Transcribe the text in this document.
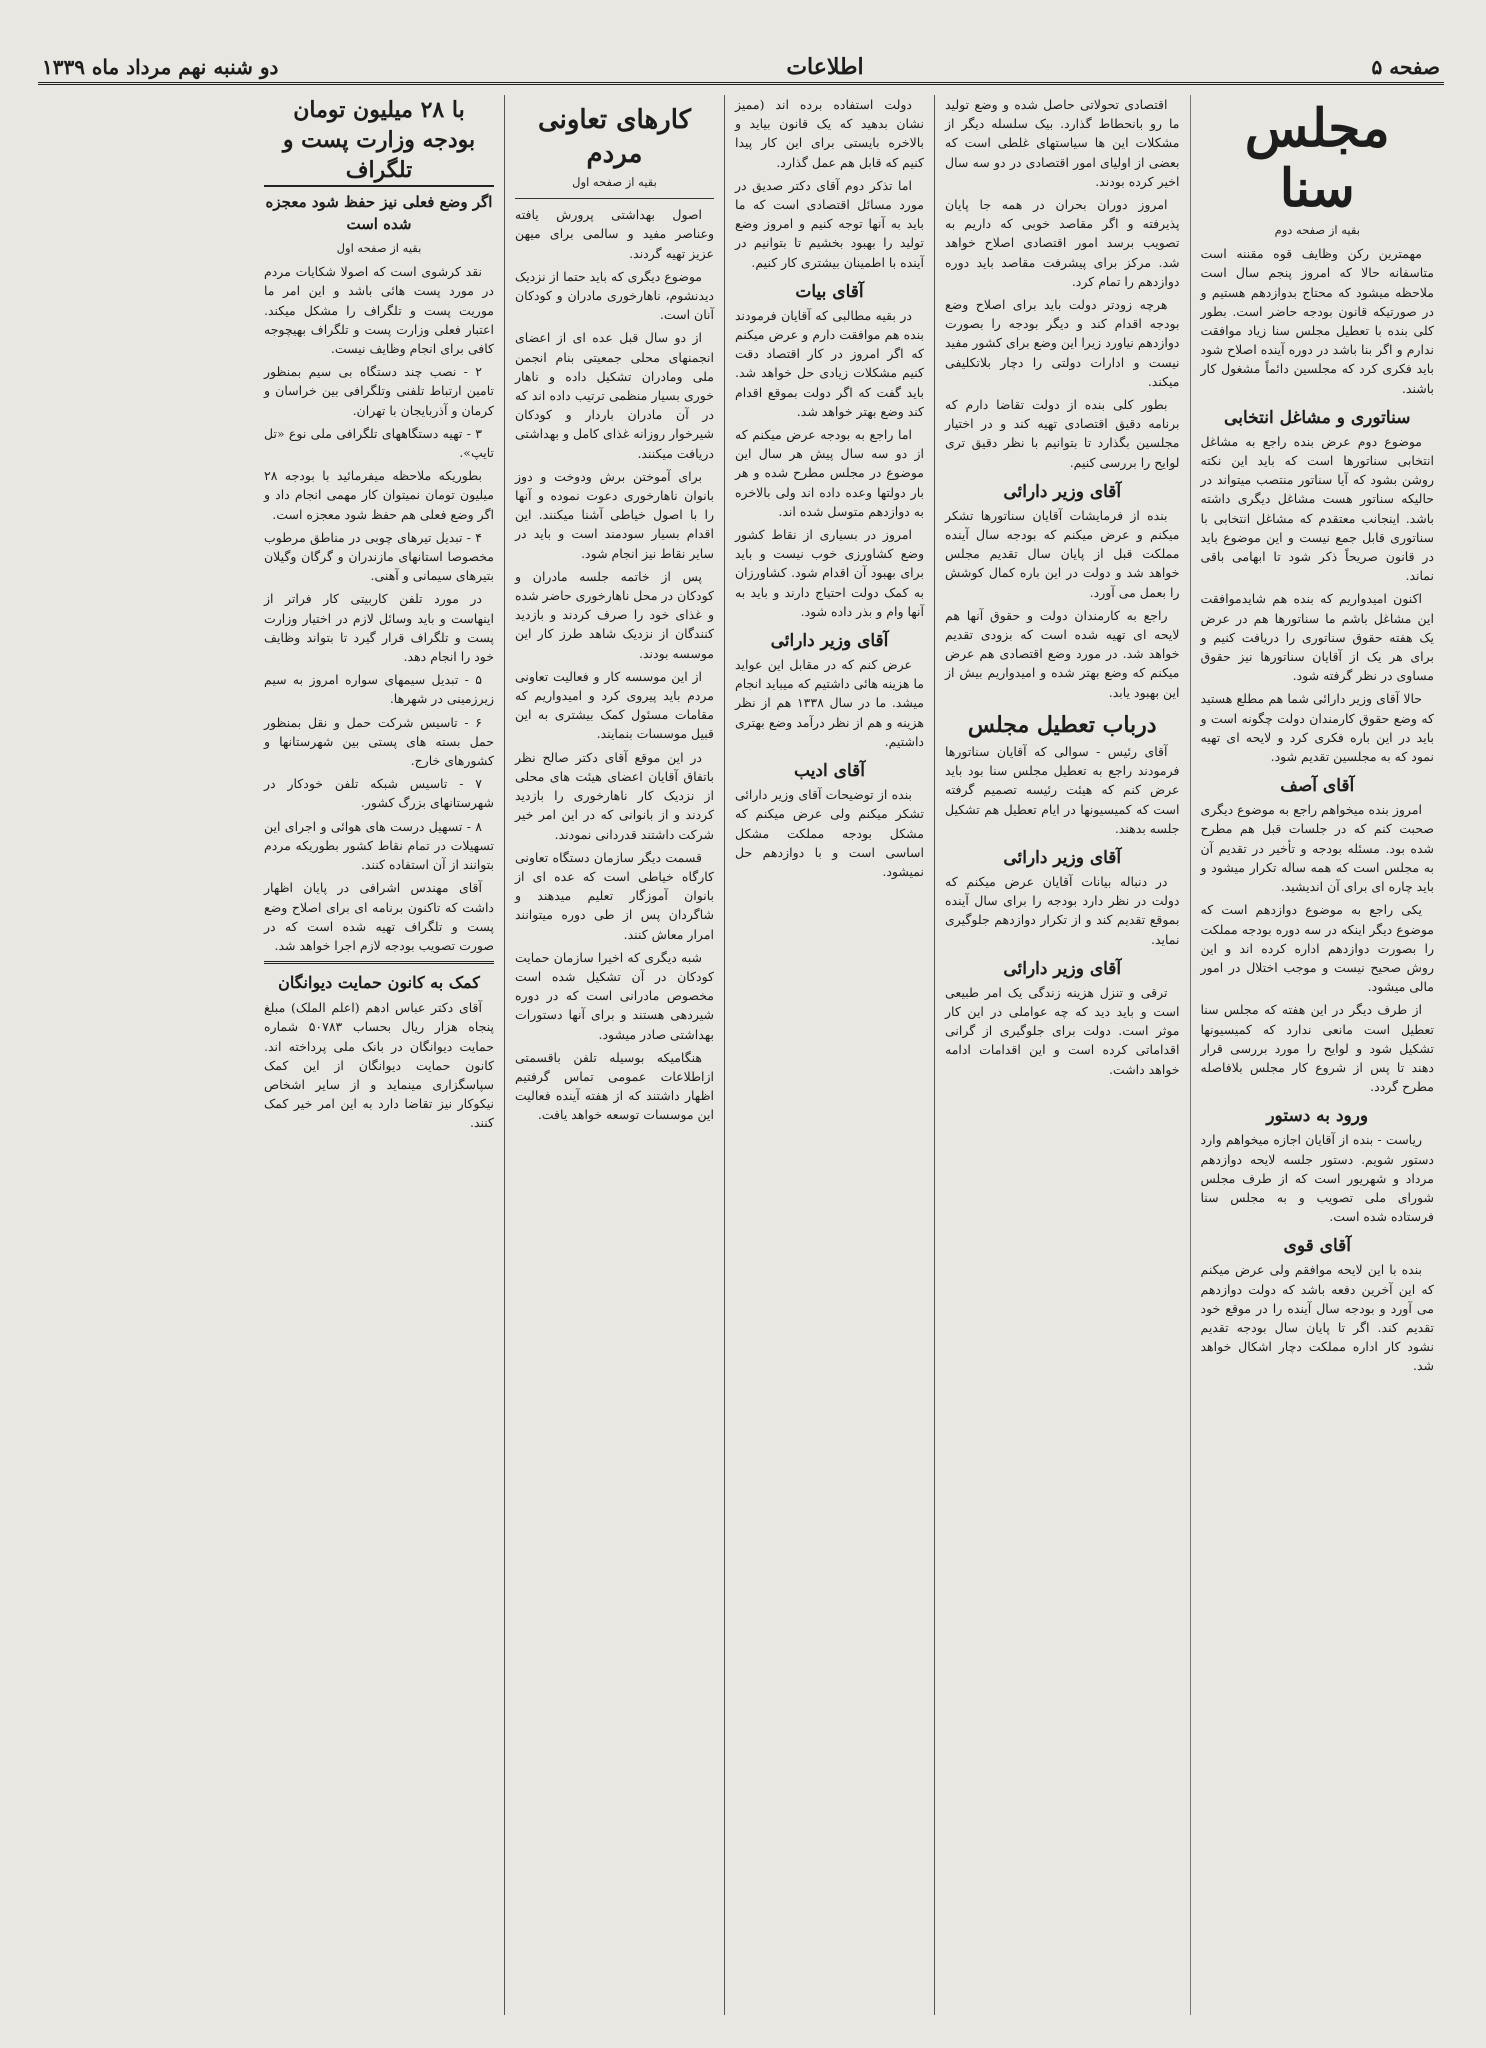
صفحه ۵
اطلاعات
دو شنبه نهم مرداد ماه ۱۳۳۹
مجلس سنا
بقیه از صفحه دوم

مهمترین رکن وظایف قوه مقننه است متاسفانه حالا که امروز پنجم سال است ملاحظه میشود که محتاج بدوازدهم هستیم و در صورتیکه قانون بودجه حاضر است. بطور کلی بنده با تعطیل مجلس سنا زیاد موافقت ندارم و اگر بنا باشد در دوره آینده اصلاح شود باید فکری کرد که مجلسین دائماً مشغول کار باشند.

سناتوری و مشاغل انتخابی

موضوع دوم عرض بنده راجع به مشاغل انتخابی سناتورها است که باید این نکته روشن بشود که آیا سناتور منتصب میتواند در حالیکه سناتور هست مشاغل دیگری داشته باشد. اینجانب معتقدم که مشاغل انتخابی با سناتوری قابل جمع نیست و این موضوع باید در قانون صریحاً ذکر شود تا ابهامی باقی نماند.

اکنون امیدواریم که بنده هم شایدموافقت این مشاغل باشم ما سناتورها هم در عرض یک هفته حقوق سناتوری را دریافت کنیم و برای هر یک از آقایان سناتورها نیز حقوق مساوی در نظر گرفته شود.

حالا آقای وزیر دارائی شما هم مطلع هستید که وضع حقوق کارمندان دولت چگونه است و باید در این باره فکری کرد و لایحه ای تهیه نمود که به مجلسین تقدیم شود.

آقای آصف

امروز بنده میخواهم راجع به موضوع دیگری صحبت کنم که در جلسات قبل هم مطرح شده بود. مسئله بودجه و تأخیر در تقدیم آن به مجلس است که همه ساله تکرار میشود و باید چاره ای برای آن اندیشید.

یکی راجع به موضوع دوازدهم است که موضوع دیگر اینکه در سه دوره بودجه مملکت را بصورت دوازدهم اداره کرده اند و این روش صحیح نیست و موجب اختلال در امور مالی میشود.

از طرف دیگر در این هفته که مجلس سنا تعطیل است مانعی ندارد که کمیسیونها تشکیل شود و لوایح را مورد بررسی قرار دهند تا پس از شروع کار مجلس بلافاصله مطرح گردد.

ورود به دستور

ریاست - بنده از آقایان اجازه میخواهم وارد دستور شویم. دستور جلسه لایحه دوازدهم مرداد و شهریور است که از طرف مجلس شورای ملی تصویب و به مجلس سنا فرستاده شده است.

آقای قوی

بنده با این لایحه موافقم ولی عرض میکنم که این آخرین دفعه باشد که دولت دوازدهم می آورد و بودجه سال آینده را در موقع خود تقدیم کند. اگر تا پایان سال بودجه تقدیم نشود کار اداره مملکت دچار اشکال خواهد شد.

اقتصادی تحولاتی حاصل شده و وضع تولید ما رو بانحطاط گذارد. بیک سلسله دیگر از مشکلات این ها سیاستهای غلطی است که بعضی از اولیای امور اقتصادی در دو سه سال اخیر کرده بودند.

امروز دوران بحران در همه جا پایان پذیرفته و اگر مقاصد خوبی که داریم به تصویب برسد امور اقتصادی اصلاح خواهد شد. مرکز برای پیشرفت مقاصد باید دوره دوازدهم را تمام کرد.

هرچه زودتر دولت باید برای اصلاح وضع بودجه اقدام کند و دیگر بودجه را بصورت دوازدهم نیاورد زیرا این وضع برای کشور مفید نیست و ادارات دولتی را دچار بلاتکلیفی میکند.

بطور کلی بنده از دولت تقاضا دارم که برنامه دقیق اقتصادی تهیه کند و در اختیار مجلسین بگذارد تا بتوانیم با نظر دقیق تری لوایح را بررسی کنیم.

آقای وزیر دارائی

بنده از فرمایشات آقایان سناتورها تشکر میکنم و عرض میکنم که بودجه سال آینده مملکت قبل از پایان سال تقدیم مجلس خواهد شد و دولت در این باره کمال کوشش را بعمل می آورد.

راجع به کارمندان دولت و حقوق آنها هم لایحه ای تهیه شده است که بزودی تقدیم خواهد شد. در مورد وضع اقتصادی هم عرض میکنم که وضع بهتر شده و امیدواریم بیش از این بهبود یابد.

درباب تعطیل مجلس

آقای رئیس - سوالی که آقایان سناتورها فرمودند راجع به تعطیل مجلس سنا بود باید عرض کنم که هیئت رئیسه تصمیم گرفته است که کمیسیونها در ایام تعطیل هم تشکیل جلسه بدهند.

آقای وزیر دارائی

در دنباله بیانات آقایان عرض میکنم که دولت در نظر دارد بودجه را برای سال آینده بموقع تقدیم کند و از تکرار دوازدهم جلوگیری نماید.

آقای وزیر دارائی

ترقی و تنزل هزینه زندگی یک امر طبیعی است و باید دید که چه عواملی در این کار موثر است. دولت برای جلوگیری از گرانی اقداماتی کرده است و این اقدامات ادامه خواهد داشت.

دولت استفاده برده اند (ممیز نشان بدهید که یک قانون بیاید و بالاخره بایستی برای این کار پیدا کنیم که قابل هم عمل گذارد.

اما تذکر دوم آقای دکتر صدیق در مورد مسائل اقتصادی است که ما باید به آنها توجه کنیم و امروز وضع تولید را بهبود بخشیم تا بتوانیم در آینده با اطمینان بیشتری کار کنیم.

آقای بیات

در بقیه مطالبی که آقایان فرمودند بنده هم موافقت دارم و عرض میکنم که اگر امروز در کار اقتصاد دقت کنیم مشکلات زیادی حل خواهد شد. باید گفت که اگر دولت بموقع اقدام کند وضع بهتر خواهد شد.

اما راجع به بودجه عرض میکنم که از دو سه سال پیش هر سال این موضوع در مجلس مطرح شده و هر بار دولتها وعده داده اند ولی بالاخره به دوازدهم متوسل شده اند.

امروز در بسیاری از نقاط کشور وضع کشاورزی خوب نیست و باید برای بهبود آن اقدام شود. کشاورزان به کمک دولت احتیاج دارند و باید به آنها وام و بذر داده شود.

آقای وزیر دارائی

عرض کنم که در مقابل این عواید ما هزینه هائی داشتیم که میباید انجام میشد. ما در سال ۱۳۳۸ هم از نظر هزینه و هم از نظر درآمد وضع بهتری داشتیم.

آقای ادیب

بنده از توضیحات آقای وزیر دارائی تشکر میکنم ولی عرض میکنم که مشکل بودجه مملکت مشکل اساسی است و با دوازدهم حل نمیشود.

کارهای تعاونی مردم
بقیه از صفحه اول

اصول بهداشتی پرورش یافته وعناصر مفید و سالمی برای میهن عزیز تهیه گردند.

موضوع دیگری که باید حتما از نزدیک دیدنشوم، ناهارخوری مادران و کودکان آنان است.

از دو سال قبل عده ای از اعضای انجمنهای محلی جمعیتی بنام انجمن ملی ومادران تشکیل داده و ناهار خوری بسیار منظمی ترتیب داده اند که در آن مادران باردار و کودکان شیرخوار روزانه غذای کامل و بهداشتی دریافت میکنند.

برای آموختن برش ودوخت و دوز بانوان ناهارخوری دعوت نموده و آنها را با اصول خیاطی آشنا میکنند. این اقدام بسیار سودمند است و باید در سایر نقاط نیز انجام شود.

پس از خاتمه جلسه مادران و کودکان در محل ناهارخوری حاضر شده و غذای خود را صرف کردند و بازدید کنندگان از نزدیک شاهد طرز کار این موسسه بودند.

از این موسسه کار و فعالیت تعاونی مردم باید پیروی کرد و امیدواریم که مقامات مسئول کمک بیشتری به این قبیل موسسات بنمایند.

در این موقع آقای دکتر صالح نظر باتفاق آقایان اعضای هیئت های محلی از نزدیک کار ناهارخوری را بازدید کردند و از بانوانی که در این امر خیر شرکت داشتند قدردانی نمودند.

قسمت دیگر سازمان دستگاه تعاونی کارگاه خیاطی است که عده ای از بانوان آموزگار تعلیم میدهند و شاگردان پس از طی دوره میتوانند امرار معاش کنند.

شبه دیگری که اخیرا سازمان حمایت کودکان در آن تشکیل شده است مخصوص مادرانی است که در دوره شیردهی هستند و برای آنها دستورات بهداشتی صادر میشود.

هنگامیکه بوسیله تلفن باقسمتی ازاطلاعات عمومی تماس گرفتیم اظهار داشتند که از هفته آینده فعالیت این موسسات توسعه خواهد یافت.

با ۲۸ میلیون تومان بودجه وزارت پست و تلگراف
اگر وضع فعلی نیز حفظ شود معجزه شده است
بقیه از صفحه اول

نقد کرشوی است که اصولا شکایات مردم در مورد پست هائی باشد و این امر ما موریت پست و تلگراف را مشکل میکند. اعتبار فعلی وزارت پست و تلگراف بهیچوجه کافی برای انجام وظایف نیست.

۲ - نصب چند دستگاه بی سیم بمنظور تامین ارتباط تلفنی وتلگرافی بین خراسان و کرمان و آذربایجان با تهران.

۳ - تهیه دستگاههای تلگرافی ملی نوع «تل تایپ».

بطوریکه ملاحظه میفرمائید با بودجه ۲۸ میلیون تومان نمیتوان کار مهمی انجام داد و اگر وضع فعلی هم حفظ شود معجزه است.

۴ - تبدیل تیرهای چوبی در مناطق مرطوب مخصوصا استانهای مازندران و گرگان وگیلان بتیرهای سیمانی و آهنی.

در مورد تلفن کاربیتی کار فراتر از اینهاست و باید وسائل لازم در اختیار وزارت پست و تلگراف قرار گیرد تا بتواند وظایف خود را انجام دهد.

۵ - تبدیل سیمهای سواره امروز به سیم زیرزمینی در شهرها.

۶ - تاسیس شرکت حمل و نقل بمنظور حمل بسته های پستی بین شهرستانها و کشورهای خارج.

۷ - تاسیس شبکه تلفن خودکار در شهرستانهای بزرگ کشور.

۸ - تسهیل درست های هوائی و اجرای این تسهیلات در تمام نقاط کشور بطوریکه مردم بتوانند از آن استفاده کنند.

آقای مهندس اشرافی در پایان اظهار داشت که تاکنون برنامه ای برای اصلاح وضع پست و تلگراف تهیه شده است که در صورت تصویب بودجه لازم اجرا خواهد شد.

کمک به کانون حمایت دیوانگان

آقای دکتر عباس ادهم (اعلم الملک) مبلغ پنجاه هزار ریال بحساب ۵۰۷۸۳ شماره حمایت دیوانگان در بانک ملی پرداخته اند. کانون حمایت دیوانگان از این کمک سپاسگزاری مینماید و از سایر اشخاص نیکوکار نیز تقاضا دارد به این امر خیر کمک کنند.
